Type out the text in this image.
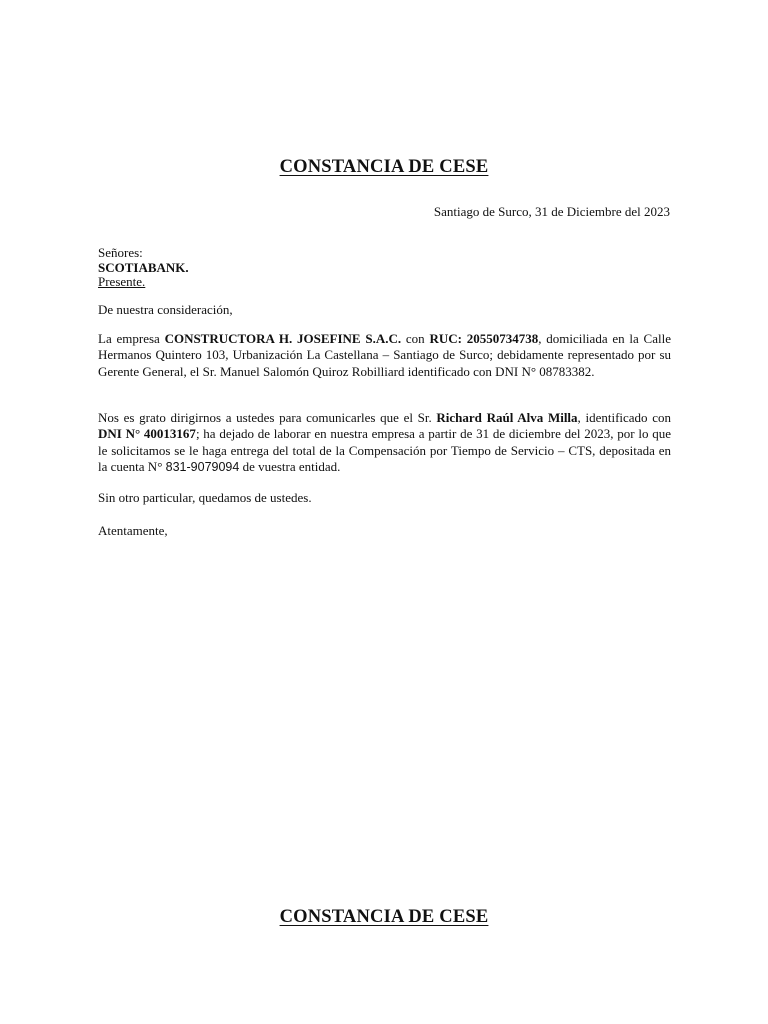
CONSTANCIA DE CESE
Santiago de Surco, 31 de Diciembre del 2023
Señores:
SCOTIABANK.
Presente.

De nuestra consideración,

La empresa CONSTRUCTORA H. JOSEFINE S.A.C. con RUC: 20550734738, domiciliada en la Calle Hermanos Quintero 103, Urbanización La Castellana – Santiago de Surco; debidamente representado por su Gerente General, el Sr. Manuel Salomón Quiroz Robilliard identificado con DNI N° 08783382.

Nos es grato dirigirnos a ustedes para comunicarles que el Sr. Richard Raúl Alva Milla, identificado con DNI N° 40013167; ha dejado de laborar en nuestra empresa a partir de 31 de diciembre del 2023, por lo que le solicitamos se le haga entrega del total de la Compensación por Tiempo de Servicio – CTS, depositada en la cuenta N° 831-9079094 de vuestra entidad.

Sin otro particular, quedamos de ustedes.

Atentamente,

CONSTANCIA DE CESE
